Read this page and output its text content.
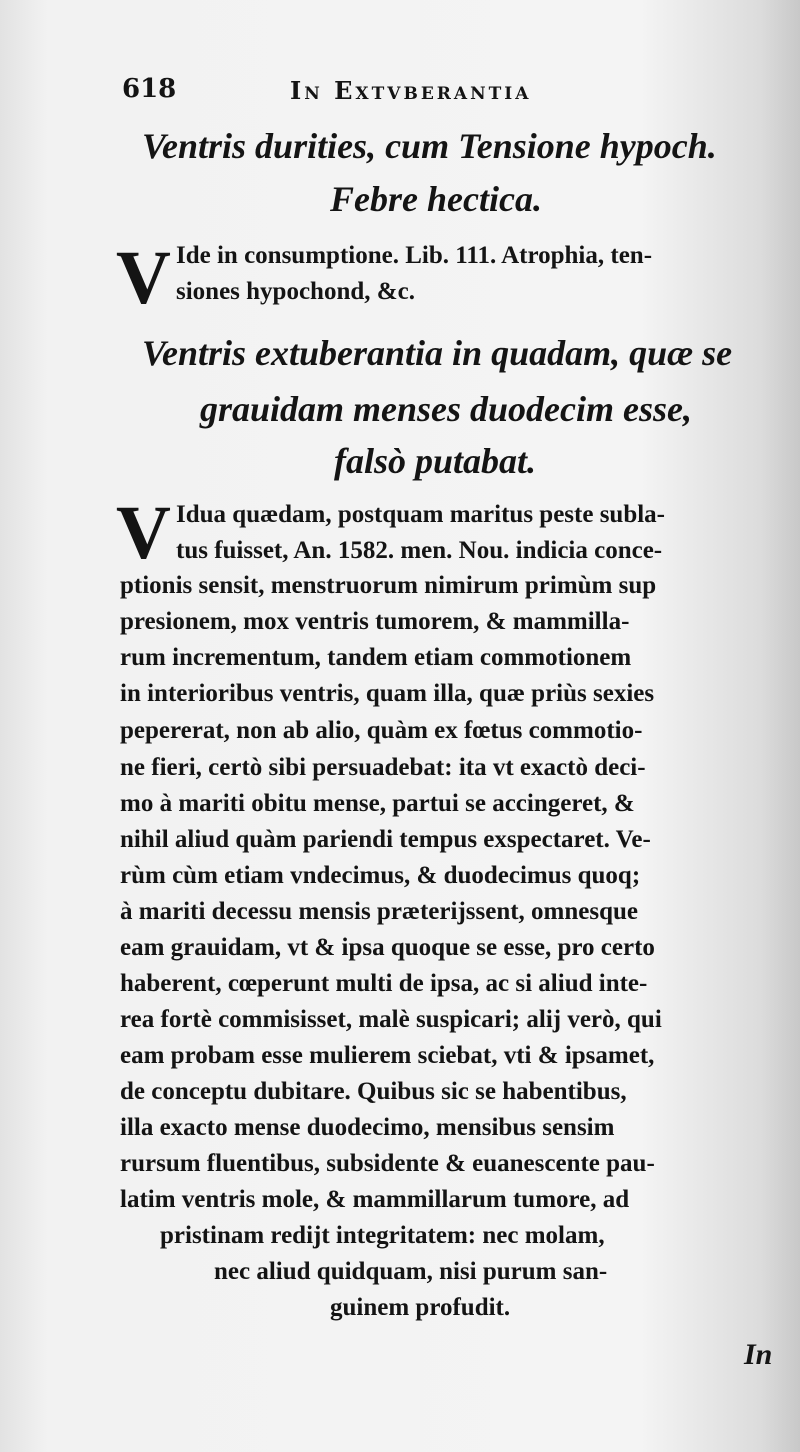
618	In Extvberantia
Ventris durities, cum Tensione hypoch.
Febre hectica.
V Ide in consumptione. Lib. 111. Atrophia, ten-
siones hypochond, &c.
Ventris extuberantia in quadam, quæ se
grauidam menses duodecim esse,
falsò putabat.
V Idua quædam, postquam maritus peste subla-
tus fuisset, An. 1582. men. Nou. indicia conce-
ptionis sensit, menstruorum nimirum primùm sup
presionem, mox ventris tumorem, & mammilla-
rum incrementum, tandem etiam commotionem
in interioribus ventris, quam illa, quæ priùs sexies
pepererat, non ab alio, quàm ex fœtus commotio-
ne fieri, certò sibi persuadebat: ita vt exactò deci-
mo à mariti obitu mense, partui se accingeret, &
nihil aliud quàm pariendi tempus exspectaret. Ve-
rùm cùm etiam vndecimus, & duodecimus quoq;
à mariti decessu mensis præterijssent, omnesque
eam grauidam, vt & ipsa quoque se esse, pro certo
haberent, cœperunt multi de ipsa, ac si aliud inte-
rea fortè commisisset, malè suspicari; alij verò, qui
eam probam esse mulierem sciebat, vti & ipsamet,
de conceptu dubitare. Quibus sic se habentibus,
illa exacto mense duodecimo, mensibus sensim
rursum fluentibus, subsidente & euanescente pau-
latim ventris mole, & mammillarum tumore, ad
pristinam redijt integritatem: nec molam,
nec aliud quidquam, nisi purum san-
guinem profudit.
In
